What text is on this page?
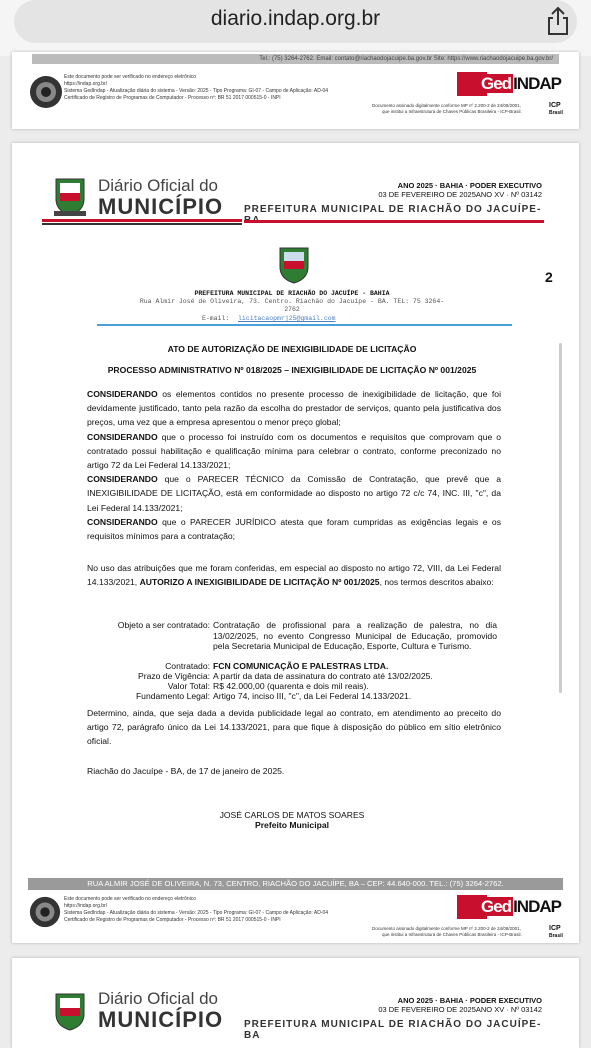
diario.indap.org.br
Tel.: (75) 3264-2762. Email: contato@riachaodojacuipe.ba.gov.br Site: https://www.riachaodojacuipe.ba.gov.br/
Este documento pode ser verificado no endereço eletrônico
https://indap.org.br/
Sistema GedIndap - Atualização diária do sistema - Versão: 2025 - Tipo Programa: GI-07 - Campo de Aplicação: AD-04
Certificado de Registro de Programas de Computador - Processo nº: BR 51 2017 000515-0 - INPI
Ged INDAP
Documento assinado digitalmente conforme MP nº 2.200-2 de 24/08/2001,
que institui a Infraestrutura de Chaves Públicas Brasileira - ICP-Brasil.
ICP
Brasil
Diário Oficial do
MUNICÍPIO
ANO 2025 · BAHIA · PODER EXECUTIVO
03 DE FEVEREIRO DE 2025ANO XV · Nº 03142
PREFEITURA MUNICIPAL DE RIACHÃO DO JACUÍPE-
PREFEITURA MUNICIPAL DE RIACHÃO DO JACUÍPE - BAHIA
Rua Almir José de Oliveira, 73. Centro. Riachão do Jacuípe - BA. TEL: 75 3264-
2762
E-mail: licitacaopmrj25@gmail.com
2
ATO DE AUTORIZAÇÃO DE INEXIGIBILIDADE DE LICITAÇÃO
PROCESSO ADMINISTRATIVO Nº 018/2025 – INEXIGIBILIDADE DE LICITAÇÃO Nº 001/2025

CONSIDERANDO os elementos contidos no presente processo de inexigibilidade de licitação, que foi devidamente justificado, tanto pela razão da escolha do prestador de serviços, quanto pela justificativa dos preços, uma vez que a empresa apresentou o menor preço global;

CONSIDERANDO que o processo foi instruído com os documentos e requisitos que comprovam que o contratado possui habilitação e qualificação mínima para celebrar o contrato, conforme preconizado no artigo 72 da Lei Federal 14.133/2021;

CONSIDERANDO que o PARECER TÉCNICO da Comissão de Contratação, que prevê que a INEXIGIBILIDADE DE LICITAÇÃO, está em conformidade ao disposto no artigo 72 c/c 74, INC. III, "c", da Lei Federal 14.133/2021;

CONSIDERANDO que o PARECER JURÍDICO atesta que foram cumpridas as exigências legais e os requisitos mínimos para a contratação;

No uso das atribuições que me foram conferidas, em especial ao disposto no artigo 72, VIII, da Lei Federal 14.133/2021, AUTORIZO A INEXIGIBILIDADE DE LICITAÇÃO Nº 001/2025, nos termos descritos abaixo:
Objeto a ser contratado: Contratação de profissional para a realização de palestra, no dia 13/02/2025, no evento Congresso Municipal de Educação, promovido pela Secretaria Municipal de Educação, Esporte, Cultura e Turismo.
Contratado: FCN COMUNICAÇÃO E PALESTRAS LTDA.
Prazo de Vigência: A partir da data de assinatura do contrato até 13/02/2025.
Valor Total: R$ 42.000,00 (quarenta e dois mil reais).
Fundamento Legal: Artigo 74, inciso III, "c", da Lei Federal 14.133/2021.
Determino, ainda, que seja dada a devida publicidade legal ao contrato, em atendimento ao preceito do artigo 72, parágrafo único da Lei 14.133/2021, para que fique à disposição do público em sítio eletrônico oficial.
Riachão do Jacuípe - BA, de 17 de janeiro de 2025.
JOSÉ CARLOS DE MATOS SOARES
Prefeito Municipal
RUA ALMIR JOSÉ DE OLIVEIRA, N. 73, CENTRO, RIACHÃO DO JACUÍPE, BA – CEP: 44.640-000. TEL.: (75) 3264-2762.
Este documento pode ser verificado no endereço eletrônico
https://indap.org.br/
Sistema GedIndap - Atualização diária do sistema - Versão: 2025 - Tipo Programa: GI-07 - Campo de Aplicação: AD-04
Certificado de Registro de Programas de Computador - Processo nº: BR 51 2017 000515-0 - INPI
Ged INDAP
Documento assinado digitalmente conforme MP nº 2.200-2 de 24/08/2001,
que institui a Infraestrutura de Chaves Públicas Brasileira - ICP-Brasil.
ICP
Brasil
Diário Oficial do
MUNICÍPIO
ANO 2025 · BAHIA · PODER EXECUTIVO
03 DE FEVEREIRO DE 2025ANO XV · Nº 03142
PREFEITURA MUNICIPAL DE RIACHÃO DO JACUÍPE-BA
